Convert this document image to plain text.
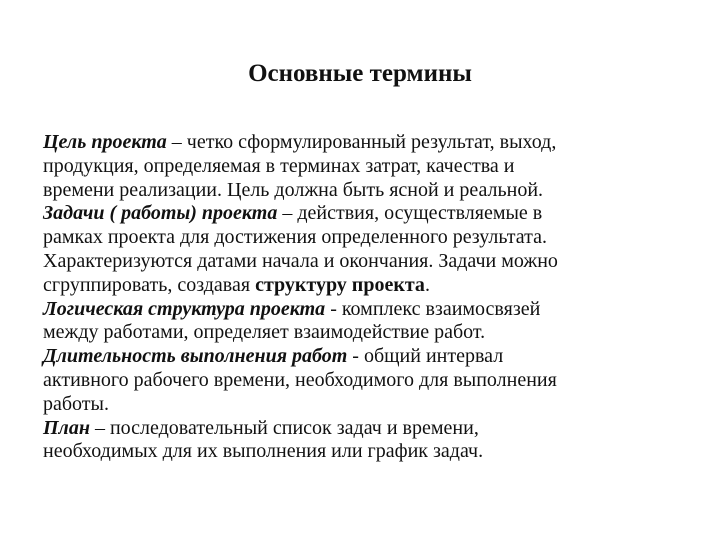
Основные термины
Цель проекта – четко сформулированный результат, выход,
продукция, определяемая в терминах затрат, качества и
времени реализации. Цель должна быть ясной и реальной.
Задачи ( работы) проекта – действия, осуществляемые в
рамках проекта для достижения определенного результата.
Характеризуются датами начала и окончания. Задачи можно
сгруппировать, создавая структуру проекта.
Логическая структура проекта - комплекс взаимосвязей
между работами, определяет взаимодействие работ.
Длительность выполнения работ - общий интервал
активного рабочего времени, необходимого для выполнения
работы.
План – последовательный список задач и времени,
необходимых для их выполнения или график задач.
